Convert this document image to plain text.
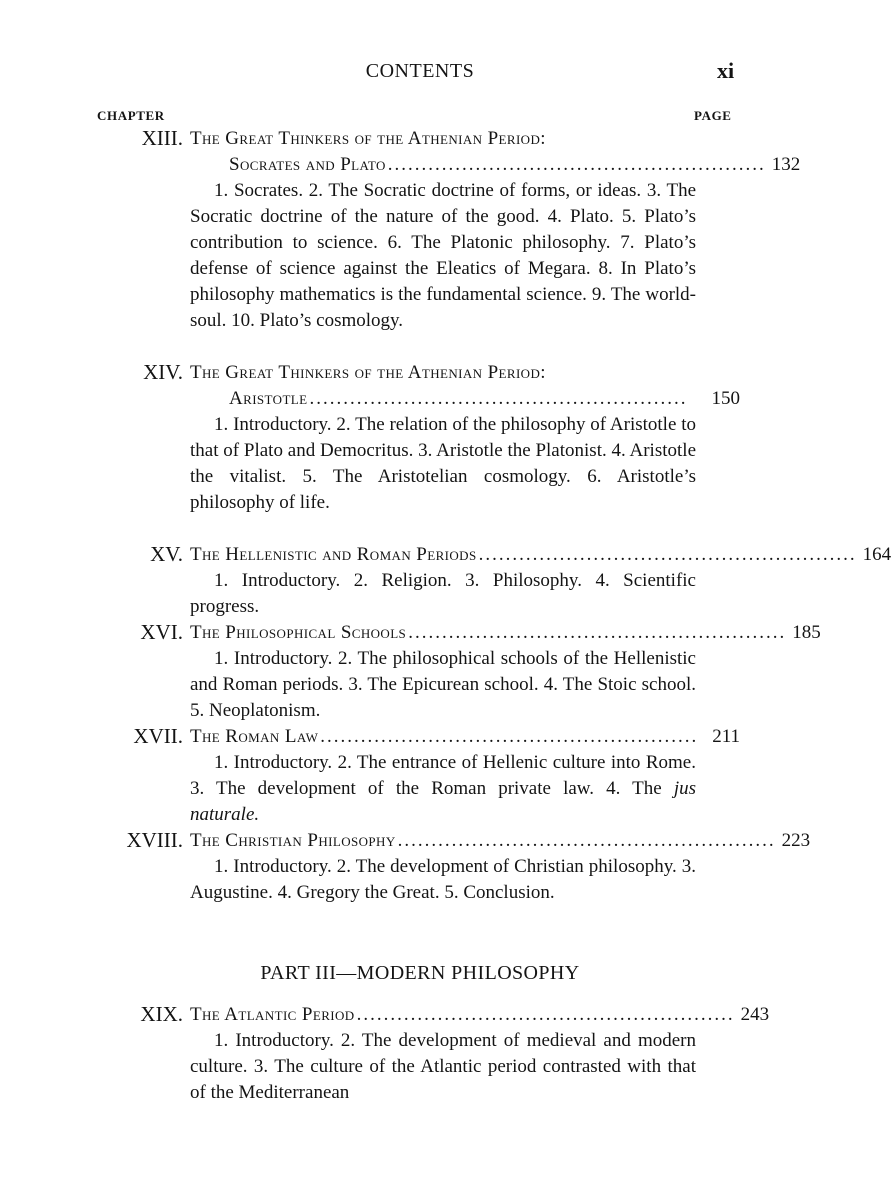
CONTENTS	xi
CHAPTER	PAGE
XIII. The Great Thinkers of the Athenian Period:
Socrates and Plato ........................................................ 132

1. Socrates. 2. The Socratic doctrine of forms, or ideas. 3. The Socratic doctrine of the nature of the good. 4. Plato. 5. Plato’s contribution to science. 6. The Platonic philosophy. 7. Plato’s defense of science against the Eleatics of Megara. 8. In Plato’s philosophy mathematics is the fundamental science. 9. The world-soul. 10. Plato’s cosmology.

XIV. The Great Thinkers of the Athenian Period:
Aristotle ........................................................	150

1. Introductory. 2. The relation of the philosophy of Aristotle to that of Plato and Democritus. 3. Aristotle the Platonist. 4. Aristotle the vitalist. 5. The Aristotelian cosmology. 6. Aristotle’s philosophy of life.

XV. The Hellenistic and Roman Periods ........................................................ 164

1. Introductory. 2. Religion. 3. Philosophy. 4. Scientific progress.

XVI. The Philosophical Schools ........................................................ 185

1. Introductory. 2. The philosophical schools of the Hellenistic and Roman periods. 3. The Epicurean school. 4. The Stoic school. 5. Neoplatonism.

XVII. The Roman Law ........................................................ 211

1. Introductory. 2. The entrance of Hellenic culture into Rome. 3. The development of the Roman private law. 4. The jus naturale.

XVIII. The Christian Philosophy ........................................................ 223

1. Introductory. 2. The development of Christian philosophy. 3. Augustine. 4. Gregory the Great. 5. Conclusion.

PART III—MODERN PHILOSOPHY
XIX. The Atlantic Period ........................................................ 243

1. Introductory. 2. The development of medieval and modern culture. 3. The culture of the Atlantic period contrasted with that of the Mediterranean
